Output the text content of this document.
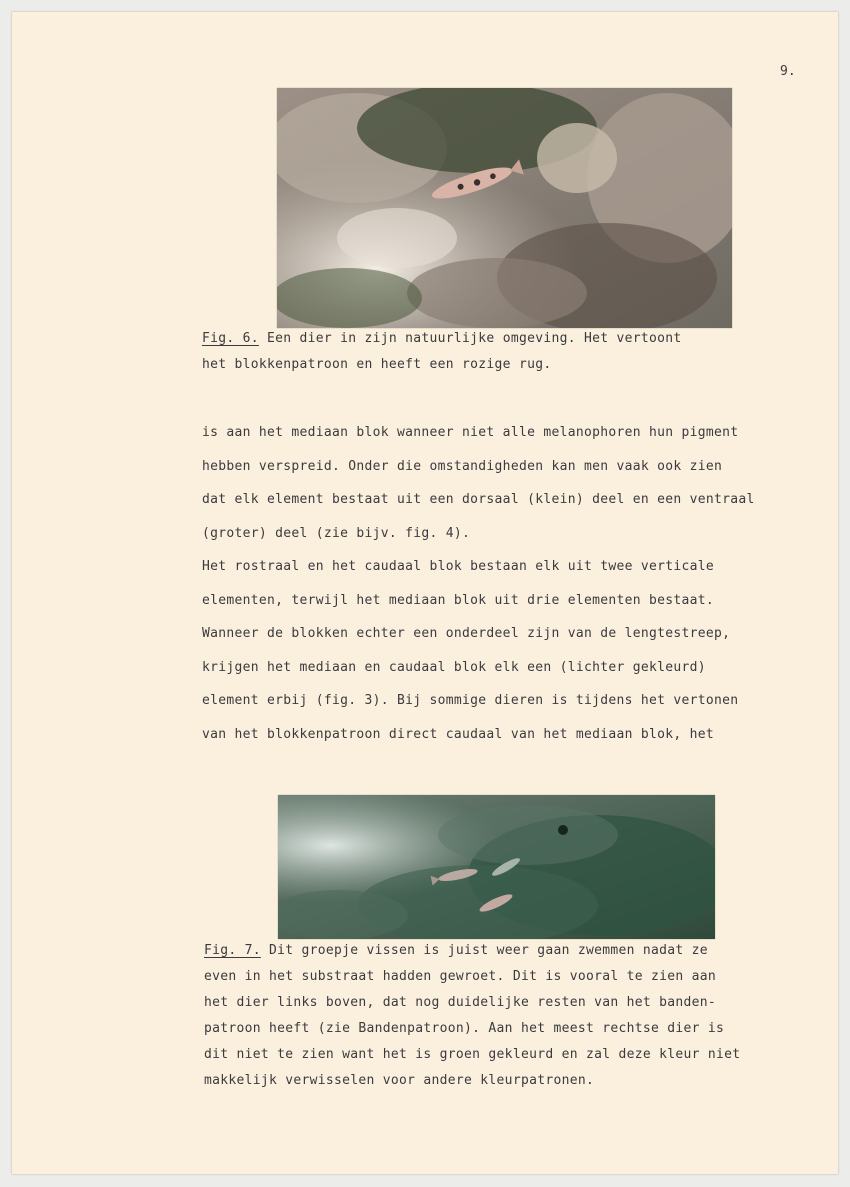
9.
Fig. 6. Een dier in zijn natuurlijke omgeving. Het vertoont
het blokkenpatroon en heeft een rozige rug.
is aan het mediaan blok wanneer niet alle melanophoren hun pigment
hebben verspreid. Onder die omstandigheden kan men vaak ook zien
dat elk element bestaat uit een dorsaal (klein) deel en een ventraal
(groter) deel (zie bijv. fig. 4).
Het rostraal en het caudaal blok bestaan elk uit twee verticale
elementen, terwijl het mediaan blok uit drie elementen bestaat.
Wanneer de blokken echter een onderdeel zijn van de lengtestreep,
krijgen het mediaan en caudaal blok elk een (lichter gekleurd)
element erbij (fig. 3). Bij sommige dieren is tijdens het vertonen
van het blokkenpatroon direct caudaal van het mediaan blok, het
Fig. 7. Dit groepje vissen is juist weer gaan zwemmen nadat ze
even in het substraat hadden gewroet. Dit is vooral te zien aan
het dier links boven, dat nog duidelijke resten van het banden-
patroon heeft (zie Bandenpatroon). Aan het meest rechtse dier is
dit niet te zien want het is groen gekleurd en zal deze kleur niet
makkelijk verwisselen voor andere kleurpatronen.
